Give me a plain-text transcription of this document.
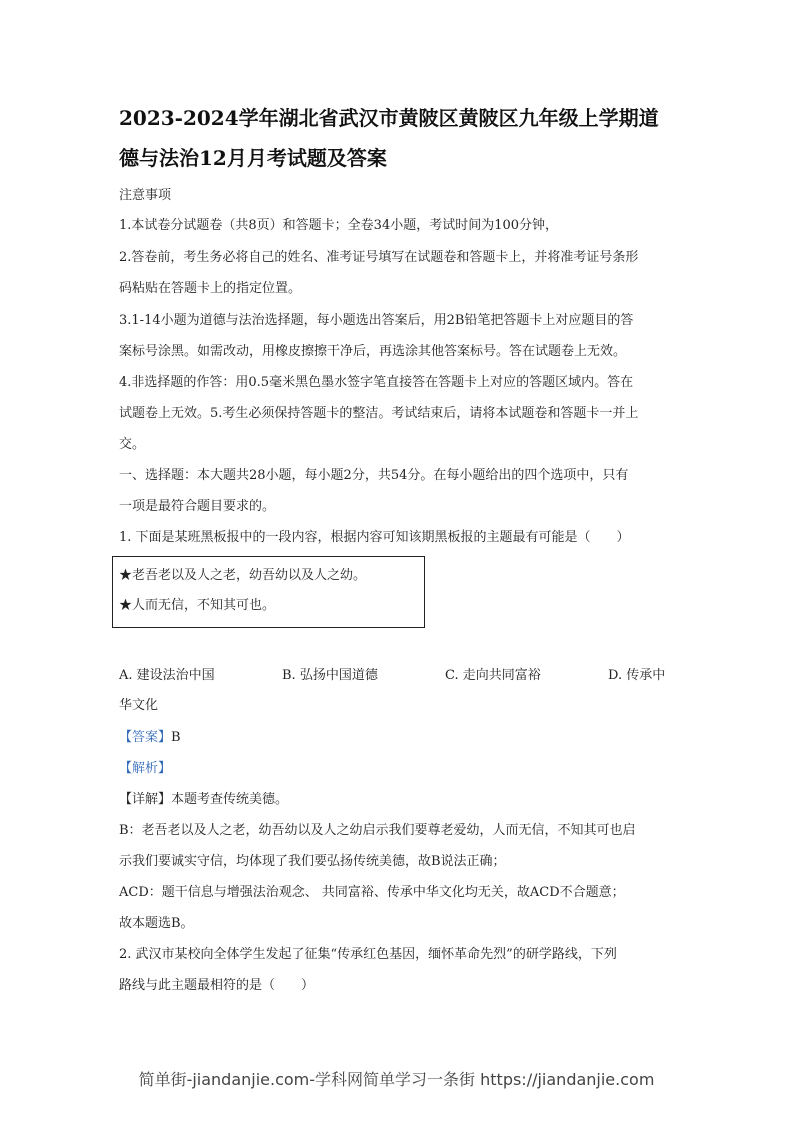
2023-2024学年湖北省武汉市黄陂区黄陂区九年级上学期道
德与法治12月月考试题及答案
注意事项
1.本试卷分试题卷（共8页）和答题卡；全卷34小题，考试时间为100分钟，
2.答卷前，考生务必将自己的姓名、准考证号填写在试题卷和答题卡上，并将准考证号条形
码粘贴在答题卡上的指定位置。
3.1-14小题为道德与法治选择题，每小题选出答案后，用2B铅笔把答题卡上对应题目的答
案标号涂黑。如需改动，用橡皮擦擦干净后，再选涂其他答案标号。答在试题卷上无效。
4.非选择题的作答：用0.5毫米黑色墨水签字笔直接答在答题卡上对应的答题区域内。答在
试题卷上无效。5.考生必须保持答题卡的整洁。考试结束后，请将本试题卷和答题卡一并上
交。
一、选择题：本大题共28小题，每小题2分，共54分。在每小题给出的四个选项中，只有
一项是最符合题目要求的。
1. 下面是某班黑板报中的一段内容，根据内容可知该期黑板报的主题最有可能是（　　）
★老吾老以及人之老，幼吾幼以及人之幼。
★人而无信，不知其可也。
A. 建设法治中国	B. 弘扬中国道德	C. 走向共同富裕	D. 传承中
华文化
【答案】B
【解析】
【详解】本题考查传统美德。
B：老吾老以及人之老，幼吾幼以及人之幼启示我们要尊老爱幼，人而无信，不知其可也启
示我们要诚实守信，均体现了我们要弘扬传统美德，故B说法正确；
ACD：题干信息与增强法治观念、 共同富裕、传承中华文化均无关，故ACD不合题意；
故本题选B。
2. 武汉市某校向全体学生发起了征集“传承红色基因，缅怀革命先烈”的研学路线，下列
路线与此主题最相符的是（　　）
简单街-jiandanjie.com-学科网简单学习一条街 https://jiandanjie.com
